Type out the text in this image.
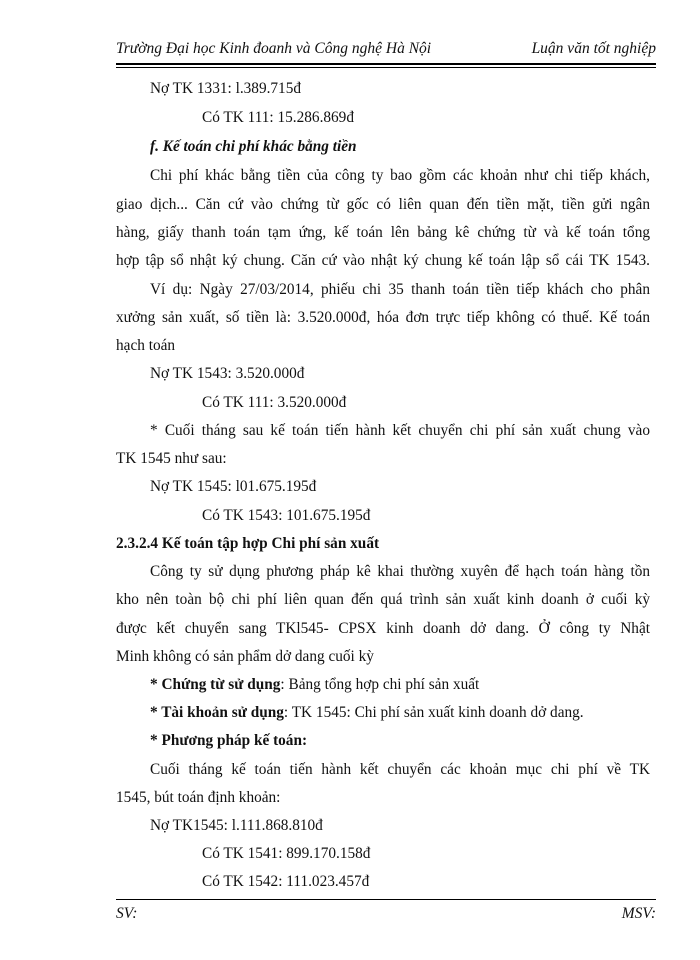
Trường Đại học Kinh đoanh và Công nghệ Hà Nội	Luận văn tốt nghiệp
Nợ TK 1331: l.389.715đ
Có TK 111: 15.286.869đ
f. Kế toán chi phí khác bằng tiền
Chi phí khác bằng tiền của công ty bao gồm các khoản như chi tiếp khách,
giao dịch... Căn cứ vào chứng từ gốc có liên quan đến tiền mặt, tiền gửi ngân
hàng, giấy thanh toán tạm ứng, kế toán lên bảng kê chứng từ và kế toán tổng
hợp tập sổ nhật ký chung. Căn cứ vào nhật ký chung kế toán lập sổ cái TK 1543.
Ví dụ: Ngày 27/03/2014, phiếu chi 35 thanh toán tiền tiếp khách cho phân
xưởng sản xuất, số tiền là: 3.520.000đ, hóa đơn trực tiếp không có thuế. Kế toán
hạch toán
Nợ TK 1543: 3.520.000đ
Có TK 111: 3.520.000đ
* Cuối tháng sau kế toán tiến hành kết chuyển chi phí sản xuất chung vào
TK 1545 như sau:
Nợ TK 1545: l01.675.195đ
Có TK 1543: 101.675.195đ
2.3.2.4 Kế toán tập hợp Chi phí sản xuất
Công ty sử dụng phương pháp kê khai thường xuyên để hạch toán hàng tồn
kho nên toàn bộ chi phí liên quan đến quá trình sản xuất kinh doanh ở cuối kỳ
được kết chuyển sang TKl545- CPSX kinh doanh dở dang. Ở công ty Nhật
Minh không có sản phẩm dở dang cuối kỳ
* Chứng từ sử dụng: Bảng tổng hợp chi phí sản xuất
* Tài khoản sử dụng: TK 1545: Chi phí sản xuất kinh doanh dở dang.
* Phương pháp kế toán:
Cuối tháng kế toán tiến hành kết chuyển các khoản mục chi phí về TK
1545, bút toán định khoản:
Nợ TK1545: l.111.868.810đ
Có TK 1541: 899.170.158đ
Có TK 1542: 111.023.457đ
SV:	MSV:
